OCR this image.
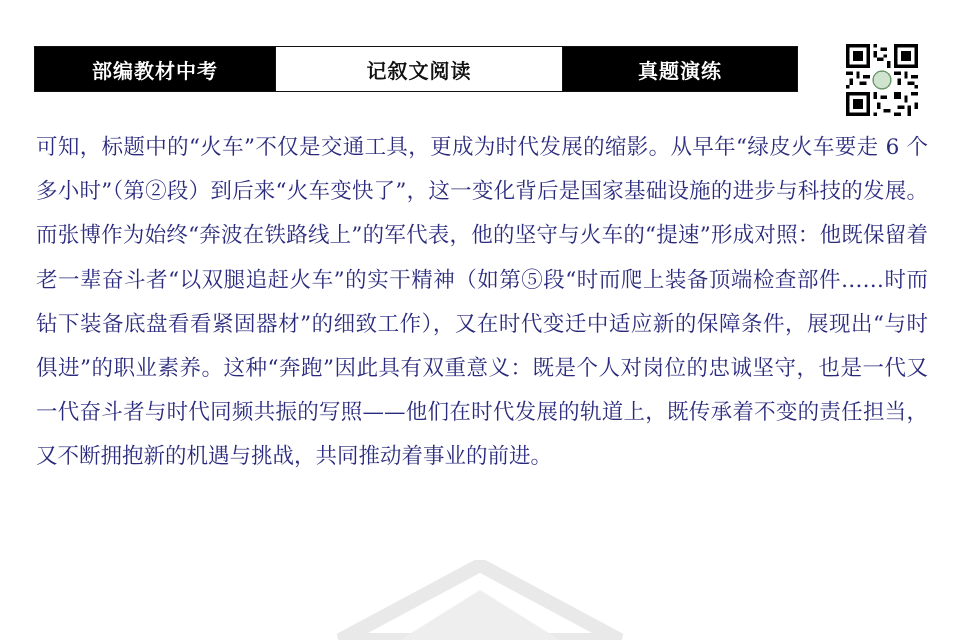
部编教材中考	记叙文阅读	真题演练

可知，标题中的“火车”不仅是交通工具，更成为时代发展的缩影。从早年“绿皮火车要走 6 个多小时”（第②段）到后来“火车变快了”，这一变化背后是国家基础设施的进步与科技的发展。而张博作为始终“奔波在铁路线上”的军代表，他的坚守与火车的“提速”形成对照：他既保留着老一辈奋斗者“以双腿追赶火车”的实干精神（如第⑤段“时而爬上装备顶端检查部件……时而钻下装备底盘看看紧固器材”的细致工作），又在时代变迁中适应新的保障条件，展现出“与时俱进”的职业素养。这种“奔跑”因此具有双重意义：既是个人对岗位的忠诚坚守，也是一代又一代奋斗者与时代同频共振的写照——他们在时代发展的轨道上，既传承着不变的责任担当，又不断拥抱新的机遇与挑战，共同推动着事业的前进。
